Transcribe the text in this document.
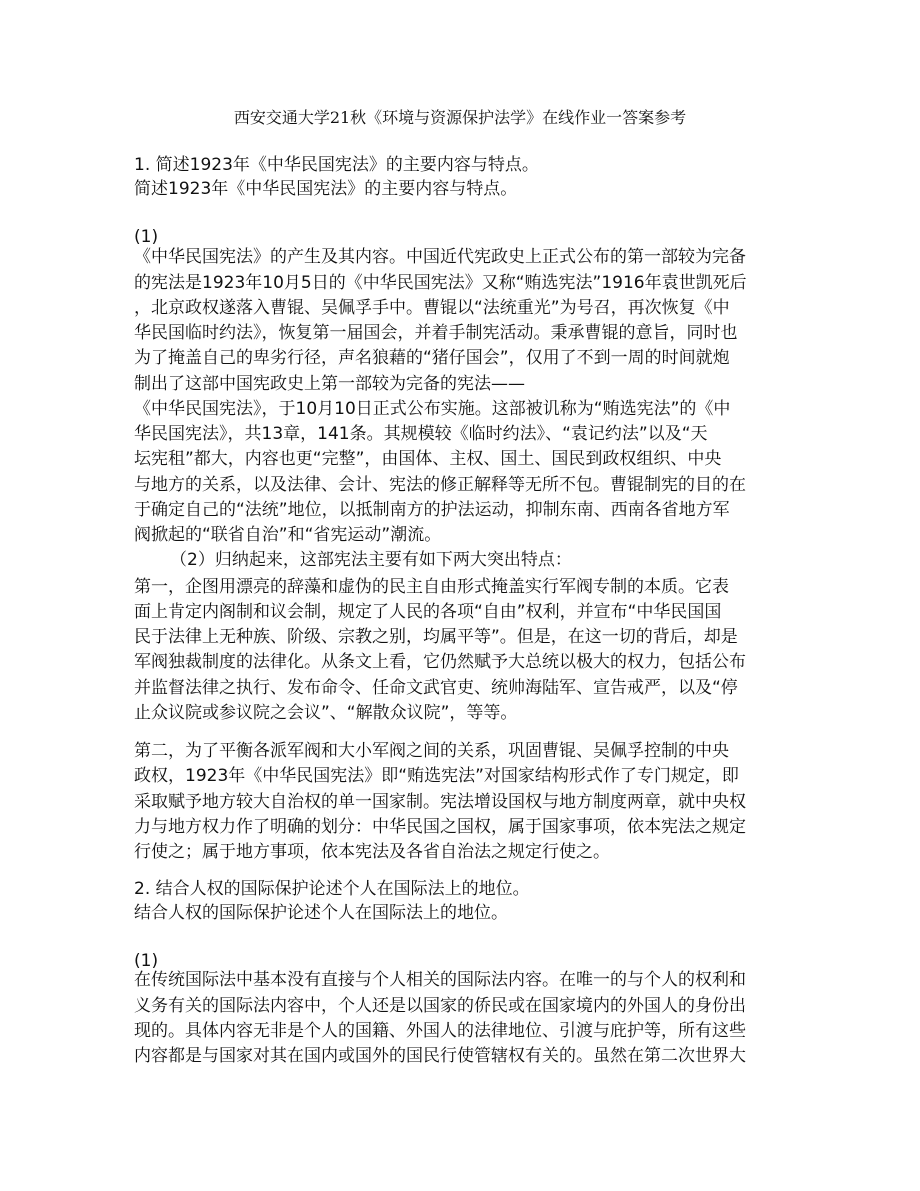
西安交通大学21秋《环境与资源保护法学》在线作业一答案参考
1. 简述1923年《中华民国宪法》的主要内容与特点。
简述1923年《中华民国宪法》的主要内容与特点。
(1)
《中华民国宪法》的产生及其内容。中国近代宪政史上正式公布的第一部较为完备
的宪法是1923年10月5日的《中华民国宪法》又称“贿选宪法”1916年袁世凯死后
，北京政权遂落入曹锟、吴佩孚手中。曹锟以“法统重光”为号召，再次恢复《中
华民国临时约法》，恢复第一届国会，并着手制宪活动。秉承曹锟的意旨，同时也
为了掩盖自己的卑劣行径，声名狼藉的“猪仔国会”，仅用了不到一周的时间就炮
制出了这部中国宪政史上第一部较为完备的宪法——
《中华民国宪法》，于10月10日正式公布实施。这部被讥称为“贿选宪法”的《中
华民国宪法》，共13章，141条。其规模较《临时约法》、“袁记约法”以及“天
坛宪租”都大，内容也更“完整”，由国体、主权、国土、国民到政权组织、中央
与地方的关系，以及法律、会计、宪法的修正解释等无所不包。曹锟制宪的目的在
于确定自己的“法统”地位，以抵制南方的护法运动，抑制东南、西南各省地方军
阀掀起的“联省自治”和“省宪运动”潮流。
（2）归纳起来，这部宪法主要有如下两大突出特点：
第一，企图用漂亮的辞藻和虚伪的民主自由形式掩盖实行军阀专制的本质。它表
面上肯定内阁制和议会制，规定了人民的各项“自由”权利，并宣布“中华民国国
民于法律上无种族、阶级、宗教之别，均属平等”。但是，在这一切的背后，却是
军阀独裁制度的法律化。从条文上看，它仍然赋予大总统以极大的权力，包括公布
并监督法律之执行、发布命令、任命文武官吏、统帅海陆军、宣告戒严，以及“停
止众议院或参议院之会议”、“解散众议院”，等等。
第二，为了平衡各派军阀和大小军阀之间的关系，巩固曹锟、吴佩孚控制的中央
政权，1923年《中华民国宪法》即“贿选宪法”对国家结构形式作了专门规定，即
采取赋予地方较大自治权的单一国家制。宪法增设国权与地方制度两章，就中央权
力与地方权力作了明确的划分：中华民国之国权，属于国家事项，依本宪法之规定
行使之；属于地方事项，依本宪法及各省自治法之规定行使之。
2. 结合人权的国际保护论述个人在国际法上的地位。
结合人权的国际保护论述个人在国际法上的地位。
(1)
在传统国际法中基本没有直接与个人相关的国际法内容。在唯一的与个人的权利和
义务有关的国际法内容中，个人还是以国家的侨民或在国家境内的外国人的身份出
现的。具体内容无非是个人的国籍、外国人的法律地位、引渡与庇护等，所有这些
内容都是与国家对其在国内或国外的国民行使管辖权有关的。虽然在第二次世界大
